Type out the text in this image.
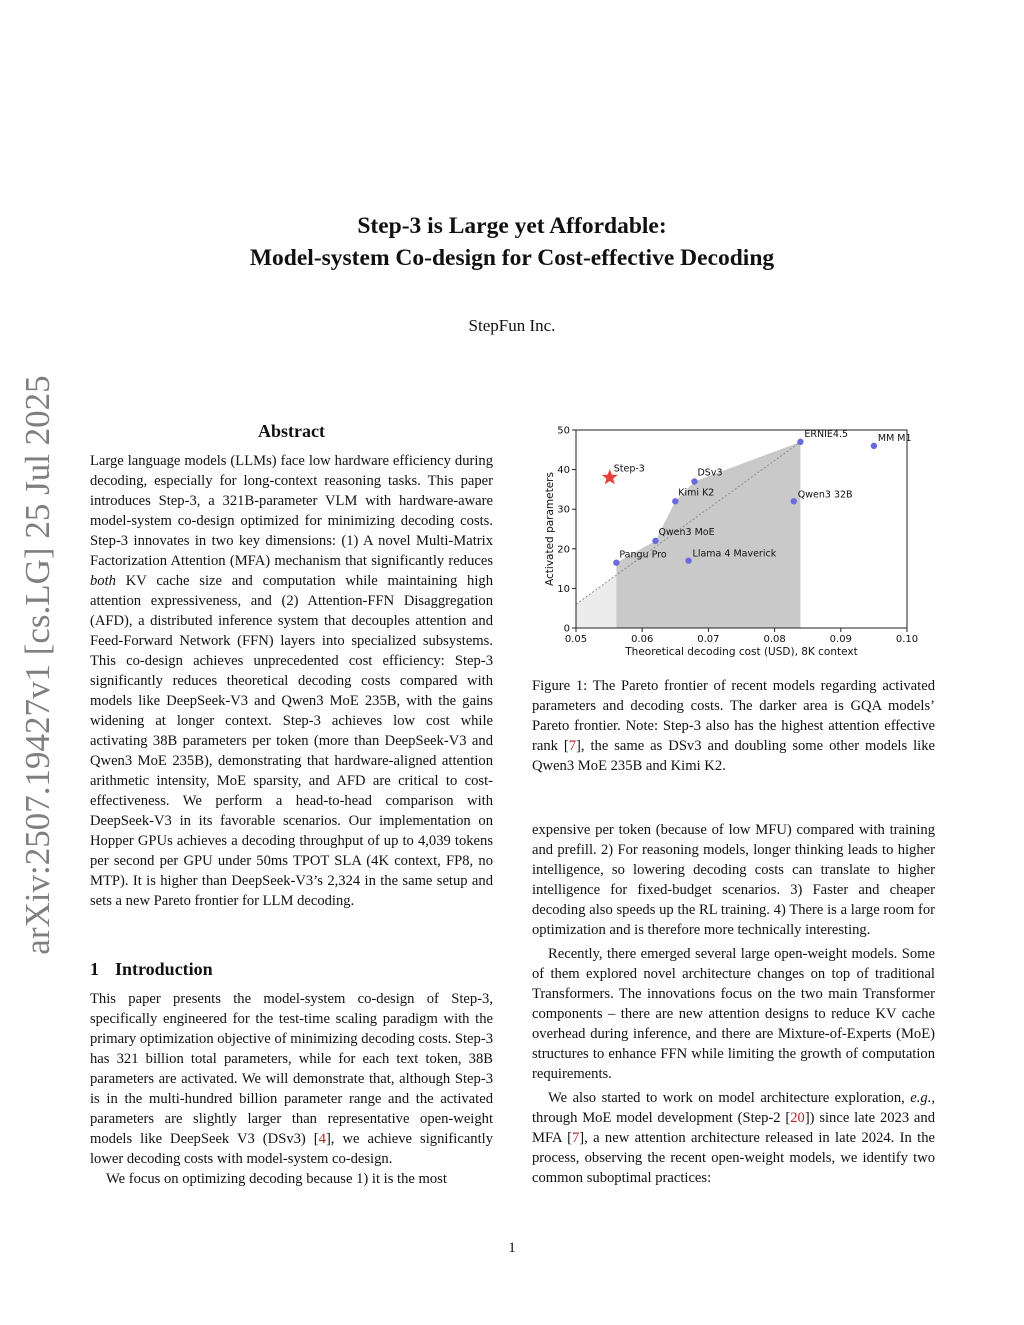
arXiv:2507.19427v1 [cs.LG] 25 Jul 2025
Step-3 is Large yet Affordable:
Model-system Co-design for Cost-effective Decoding
StepFun Inc.
Abstract
Large language models (LLMs) face low hardware efficiency during decoding, especially for long-context reasoning tasks. This paper introduces Step-3, a 321B-parameter VLM with hardware-aware model-system co-design optimized for minimizing decoding costs. Step-3 innovates in two key dimensions: (1) A novel Multi-Matrix Factorization Attention (MFA) mechanism that significantly reduces both KV cache size and computation while maintaining high attention expressiveness, and (2) Attention-FFN Disaggregation (AFD), a distributed inference system that decouples attention and Feed-Forward Network (FFN) layers into specialized subsystems. This co-design achieves unprecedented cost efficiency: Step-3 significantly reduces theoretical decoding costs compared with models like DeepSeek-V3 and Qwen3 MoE 235B, with the gains widening at longer context. Step-3 achieves low cost while activating 38B parameters per token (more than DeepSeek-V3 and Qwen3 MoE 235B), demonstrating that hardware-aligned attention arithmetic intensity, MoE sparsity, and AFD are critical to cost-effectiveness. We perform a head-to-head comparison with DeepSeek-V3 in its favorable scenarios. Our implementation on Hopper GPUs achieves a decoding throughput of up to 4,039 tokens per second per GPU under 50ms TPOT SLA (4K context, FP8, no MTP). It is higher than DeepSeek-V3’s 2,324 in the same setup and sets a new Pareto frontier for LLM decoding.
1 Introduction

This paper presents the model-system co-design of Step-3, specifically engineered for the test-time scaling paradigm with the primary optimization objective of minimizing decoding costs. Step-3 has 321 billion total parameters, while for each text token, 38B parameters are activated. We will demonstrate that, although Step-3 is in the multi-hundred billion parameter range and the activated parameters are slightly larger than representative open-weight models like DeepSeek V3 (DSv3) [4], we achieve significantly lower decoding costs with model-system co-design.

We focus on optimizing decoding because 1) it is the most

0.05	0.06	0.07	0.08	0.09	0.10
0
10
20
30
40
50
Theoretical decoding cost (USD), 8K context
Activated parameters
Step-3
Pangu Pro
Qwen3 MoE
Kimi K2
DSv3
Llama 4 Maverick
Qwen3 32B
ERNIE4.5	MM M1
Figure 1: The Pareto frontier of recent models regarding activated parameters and decoding costs. The darker area is GQA models’ Pareto frontier. Note: Step-3 also has the highest attention effective rank [7], the same as DSv3 and doubling some other models like Qwen3 MoE 235B and Kimi K2.

expensive per token (because of low MFU) compared with training and prefill. 2) For reasoning models, longer thinking leads to higher intelligence, so lowering decoding costs can translate to higher intelligence for fixed-budget scenarios. 3) Faster and cheaper decoding also speeds up the RL training. 4) There is a large room for optimization and is therefore more technically interesting.

Recently, there emerged several large open-weight models. Some of them explored novel architecture changes on top of traditional Transformers. The innovations focus on the two main Transformer components – there are new attention designs to reduce KV cache overhead during inference, and there are Mixture-of-Experts (MoE) structures to enhance FFN while limiting the growth of computation requirements.

We also started to work on model architecture exploration, e.g., through MoE model development (Step-2 [20]) since late 2023 and MFA [7], a new attention architecture released in late 2024. In the process, observing the recent open-weight models, we identify two common suboptimal practices:

1
